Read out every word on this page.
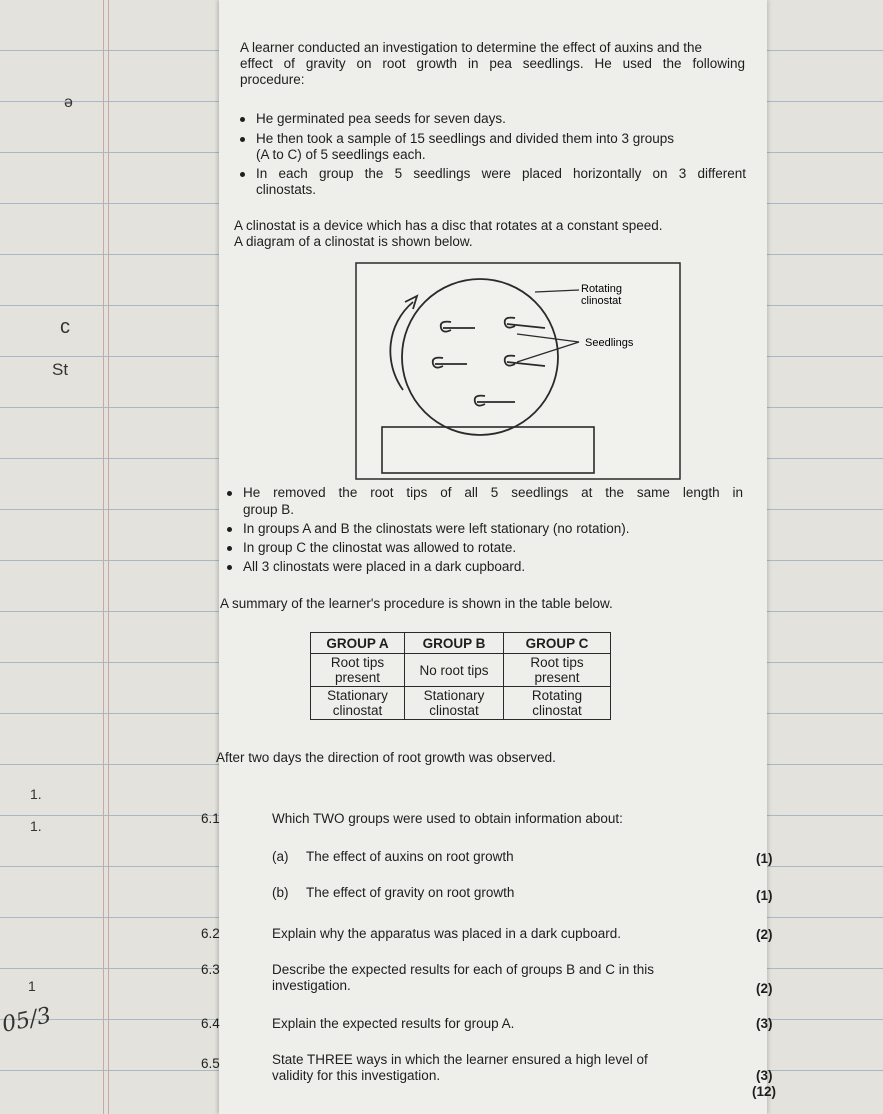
St
ə
c
1.
1.
1
05/3
A learner conducted an investigation to determine the effect of auxins and the
effect of gravity on root growth in pea seedlings. He used the following
procedure:
He germinated pea seeds for seven days.
He then took a sample of 15 seedlings and divided them into 3 groups
(A to C) of 5 seedlings each.
In each group the 5 seedlings were placed horizontally on 3 different
clinostats.
A clinostat is a device which has a disc that rotates at a constant speed.
A diagram of a clinostat is shown below.
Rotating
clinostat
Seedlings
He removed the root tips of all 5 seedlings at the same length in
group B.
In groups A and B the clinostats were left stationary (no rotation).
In group C the clinostat was allowed to rotate.
All 3 clinostats were placed in a dark cupboard.
A summary of the learner's procedure is shown in the table below.
GROUP A	GROUP B	GROUP C
Root tips present	No root tips	Root tips present
Stationary clinostat	Stationary clinostat	Rotating clinostat
After two days the direction of root growth was observed.
6.1	Which TWO groups were used to obtain information about:
(a) The effect of auxins on root growth	(1)
(b) The effect of gravity on root growth	(1)
6.2	Explain why the apparatus was placed in a dark cupboard.	(2)
6.3	Describe the expected results for each of groups B and C in this
investigation.	(2)
6.4	Explain the expected results for group A.	(3)
6.5	State THREE ways in which the learner ensured a high level of
validity for this investigation.	(3)
(12)
